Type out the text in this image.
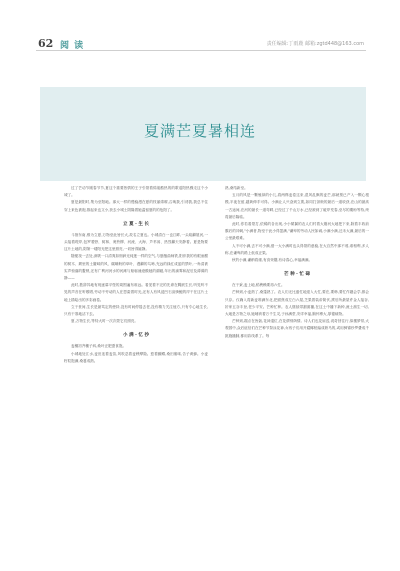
62 阅 读	责任编辑:丁雨鹿 邮箱:zgtd448@163.com
夏满芒夏暑相连

过了芒动节刚春节节,夏这个重要热情的王子引领着绵羞酷热的的歌谣阳热骤走这个小城了。

夏是最阳时,集为至阳地。那大一样的慢稳漫在夏的枝丽绵璀,召唤我,引诱我,我总不住穿上来色被袍,推起来也文小,获去小城土阴隆着她温留夏的的危阳了。

立 夏 · 生 长

斗指东南,维为立夏,万物至此皆长大,故名立夏也。小城清白一也江畔,一头疏翻展河,一头接着堤岸,包罗着野、树林、奥铃柳、河流、大海、芦苇荡、热烈翻天安静着。夏是物要这片土地的,阴第一缕阳光把这里照亮,一切皆得疑静。

随便找一去处,深吸一口清爽如细润光纯莲一样的空气,与夏酿曲师铁,阳伴我的有眼而醒的树木、蕨里的土腰味的风、碳嗨般的草叶、漫翻的鸟啼,充远的绿红成蓝的禁叶,一角清被实声惊落的鳌锁,还有广利河河水的河滩与船驱涌迹酸她的湖碰,年出的滴雾和泥后及薄薄的静——

此时,胜辞异地有现逐幕平怪的周围遍布谁远。看见着不完的先命在腾跃生长,听见听不见的声音在听敬唱,劳动不劳动的人在思索着时光,还有人有风浸凹石渲骑鲍的岸干在这片土地上描绘出的多彩画卷。

立于世间,生长是最笃定的使持,没有时间停摇去老,没有精力关注他方,只有专心地生长,只有干准地活下去。

夏,万物生长,等待大时一次次蒙它们照亮。

小 满 · 忆 抄

麦穗初齐穗子斜,桑叶正肥蚕食饱。

小城地处江水,麦田连着麦苗,风吹忍着麦秧摩隐。惹着蝴蝶,桑田蜜味,告子黄蜂。小麦籽粒饱满,桑蔓成熟。

熟,桑结新至。

五月的风是一颗殖绿的小儿,将两株麦卷这来,混风乱飘的麦芒,那就预已产入一颗心根模,半夜在留,越黄伸手可得。小满让人兴奋到立肌,如同打剑般的最后一道收获,在山的最高一古途间,在河的最长一道弯畔,已经过了千山万水,已经被到了破岸荒春,至尽的期盼等待,终将最后隆临。

此时,你若看蒙打,依稀的各出现,小小紧翼的农人们村着大刚河大地把下来,除着丰收前霸后的冲刺,"小满者,物至于此小得盈满,"谦卑的劳动人民如诚,小满小满,还未大满,最后的一公里最艰难。

人不可小满,去不可小满,借一大小满时也头得领的意稳,在大自然中那不邪,谁相利,多人称,在谦卑的路上低成正果。

秋钓小满,谦稍将谨,有食荣膳,有诗春心,幸福满满。

芒 种 · 忙 碌

在于秉,麦上地,稻秧赖要再六忙。

芒种到,小麦熟了,桑蓬熟了。农人们无比盛忙地迎入大忙,要在,要韩,要忙作趣会学,都会只存。仅确入将新麦堆满东北,把面焦成左白六屋,芝果着装帝简伏,挨后所最屋许金人接谷,折家五谷丰登,老少平安。芒种忙种。农人继续带割面播,在这土中播下新种,流土溜生一切,大地是万物之母,她哺育着万千生灵,子孙满堂,安详幸福,胸怀博大,厚德载物。

芒种到,端点在皆轰,花神退位,在花谓别荫情。诗人们也花肩送,说奇回往行,似楼梦常,大观园中,众后谊信们在芒种节祭泳花神,女孩子们用开腐椰柏编成轿马的,或用骑锦纱罗叠成千挑施播肺,都用彩线系了。每
